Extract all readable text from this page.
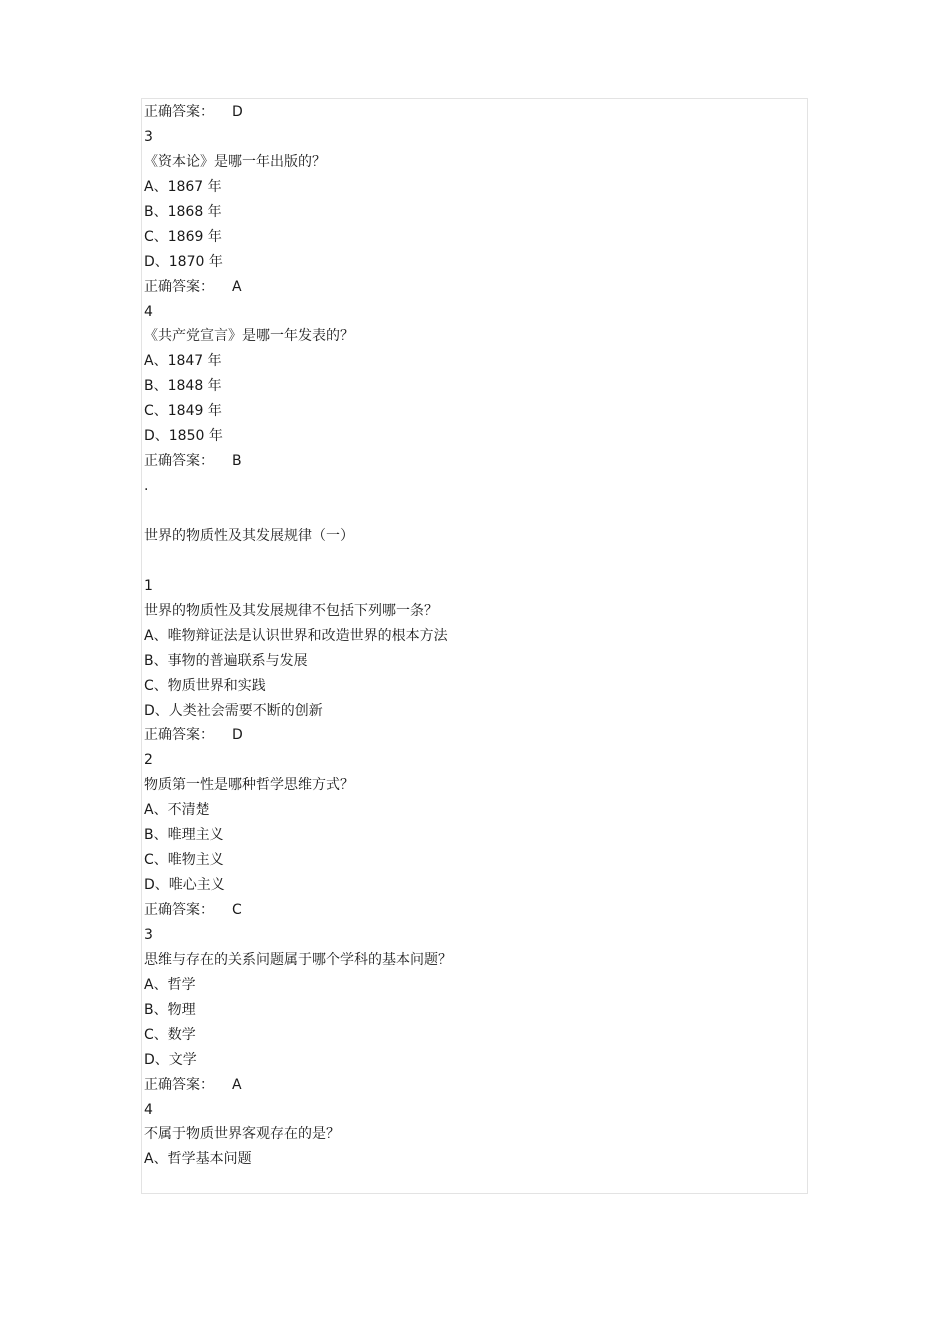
正确答案： D
3
《资本论》是哪一年出版的？
A、1867 年
B、1868 年
C、1869 年
D、1870 年
正确答案： A
4
《共产党宣言》是哪一年发表的？
A、1847 年
B、1848 年
C、1849 年
D、1850 年
正确答案： B
.
世界的物质性及其发展规律（一）
1
世界的物质性及其发展规律不包括下列哪一条？
A、唯物辩证法是认识世界和改造世界的根本方法
B、事物的普遍联系与发展
C、物质世界和实践
D、人类社会需要不断的创新
正确答案： D
2
物质第一性是哪种哲学思维方式？
A、不清楚
B、唯理主义
C、唯物主义
D、唯心主义
正确答案： C
3
思维与存在的关系问题属于哪个学科的基本问题？
A、哲学
B、物理
C、数学
D、文学
正确答案： A
4
不属于物质世界客观存在的是？
A、哲学基本问题
